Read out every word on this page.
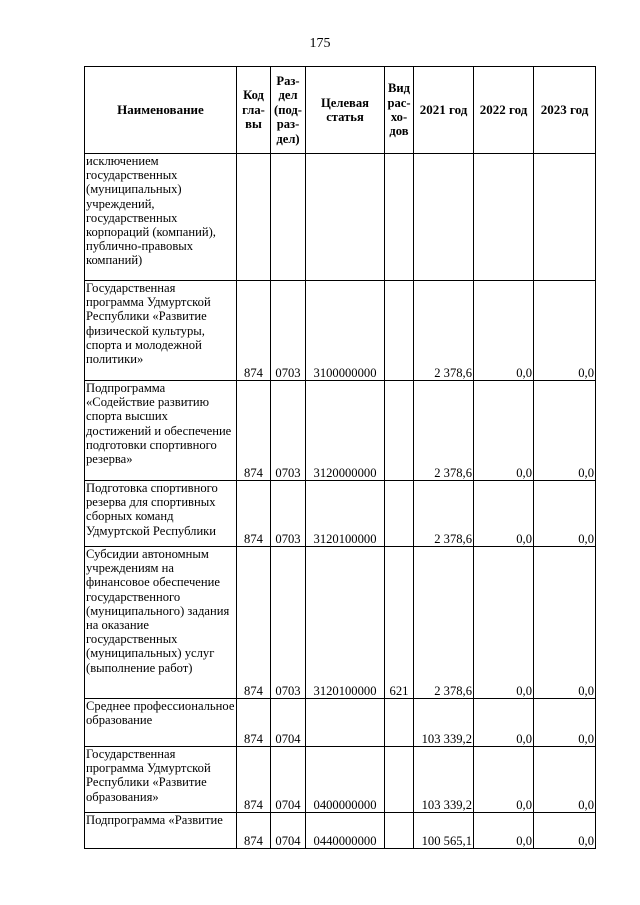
175
Наименование	Код гла- вы	Раз- дел (под- раз- дел)	Целевая статья	Вид рас- хо- дов	2021 год	2022 год	2023 год
исключением государственных (муниципальных) учреждений, государственных корпораций (компаний), публично-правовых компаний)							
Государственная программа Удмуртской Республики «Развитие физической культуры, спорта и молодежной политики»	874	0703	3100000000		2 378,6	0,0	0,0
Подпрограмма «Содействие развитию спорта высших достижений и обеспечение подготовки спортивного резерва»	874	0703	3120000000		2 378,6	0,0	0,0
Подготовка спортивного резерва для спортивных сборных команд Удмуртской Республики	874	0703	3120100000		2 378,6	0,0	0,0
Субсидии автономным учреждениям на финансовое обеспечение государственного (муниципального) задания на оказание государственных (муниципальных) услуг (выполнение работ)	874	0703	3120100000	621	2 378,6	0,0	0,0
Среднее профессиональное образование	874	0704			103 339,2	0,0	0,0
Государственная программа Удмуртской Республики «Развитие образования»	874	0704	0400000000		103 339,2	0,0	0,0
Подпрограмма «Развитие	874	0704	0440000000		100 565,1	0,0	0,0
